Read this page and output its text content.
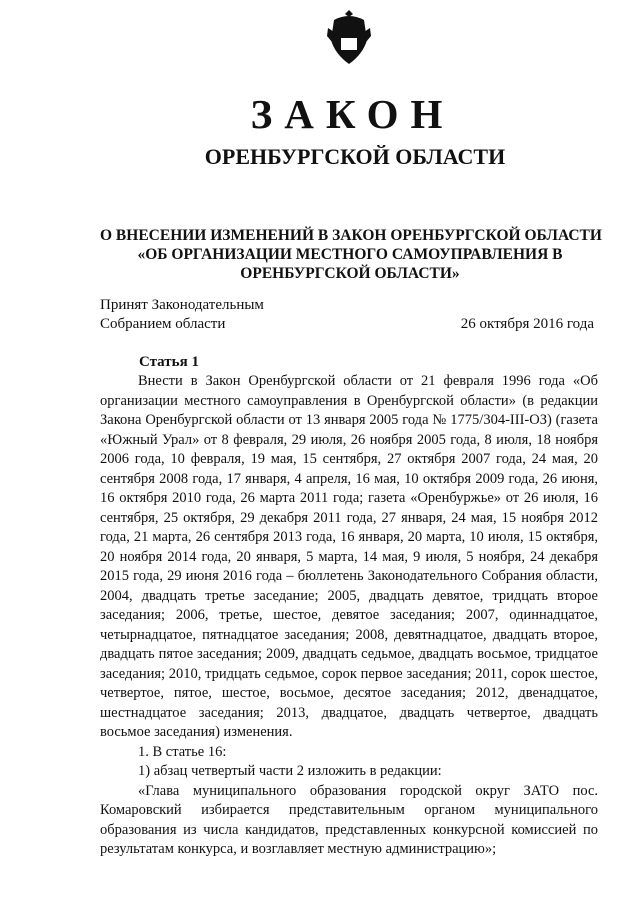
ЗАКОН
ОРЕНБУРГСКОЙ ОБЛАСТИ
О ВНЕСЕНИИ ИЗМЕНЕНИЙ В ЗАКОН ОРЕНБУРГСКОЙ ОБЛАСТИ
«ОБ ОРГАНИЗАЦИИ МЕСТНОГО САМОУПРАВЛЕНИЯ В
ОРЕНБУРГСКОЙ ОБЛАСТИ»
Принят Законодательным
Собранием области	26 октября 2016 года
Статья 1

Внести в Закон Оренбургской области от 21 февраля 1996 года «Об организации местного самоуправления в Оренбургской области» (в редакции Закона Оренбургской области от 13 января 2005 года № 1775/304-III-ОЗ) (газета «Южный Урал» от 8 февраля, 29 июля, 26 ноября 2005 года, 8 июля, 18 ноября 2006 года, 10 февраля, 19 мая, 15 сентября, 27 октября 2007 года, 24 мая, 20 сентября 2008 года, 17 января, 4 апреля, 16 мая, 10 октября 2009 года, 26 июня, 16 октября 2010 года, 26 марта 2011 года; газета «Оренбуржье» от 26 июля, 16 сентября, 25 октября, 29 декабря 2011 года, 27 января, 24 мая, 15 ноября 2012 года, 21 марта, 26 сентября 2013 года, 16 января, 20 марта, 10 июля, 15 октября, 20 ноября 2014 года, 20 января, 5 марта, 14 мая, 9 июля, 5 ноября, 24 декабря 2015 года, 29 июня 2016 года – бюллетень Законодательного Собрания области, 2004, двадцать третье заседание; 2005, двадцать девятое, тридцать второе заседания; 2006, третье, шестое, девятое заседания; 2007, одиннадцатое, четырнадцатое, пятнадцатое заседания; 2008, девятнадцатое, двадцать второе, двадцать пятое заседания; 2009, двадцать седьмое, двадцать восьмое, тридцатое заседания; 2010, тридцать седьмое, сорок первое заседания; 2011, сорок шестое, четвертое, пятое, шестое, восьмое, десятое заседания; 2012, двенадцатое, шестнадцатое заседания; 2013, двадцатое, двадцать четвертое, двадцать восьмое заседания) изменения.

1. В статье 16:

1) абзац четвертый части 2 изложить в редакции:

«Глава муниципального образования городской округ ЗАТО пос. Комаровский избирается представительным органом муниципального образования из числа кандидатов, представленных конкурсной комиссией по результатам конкурса, и возглавляет местную администрацию»;
